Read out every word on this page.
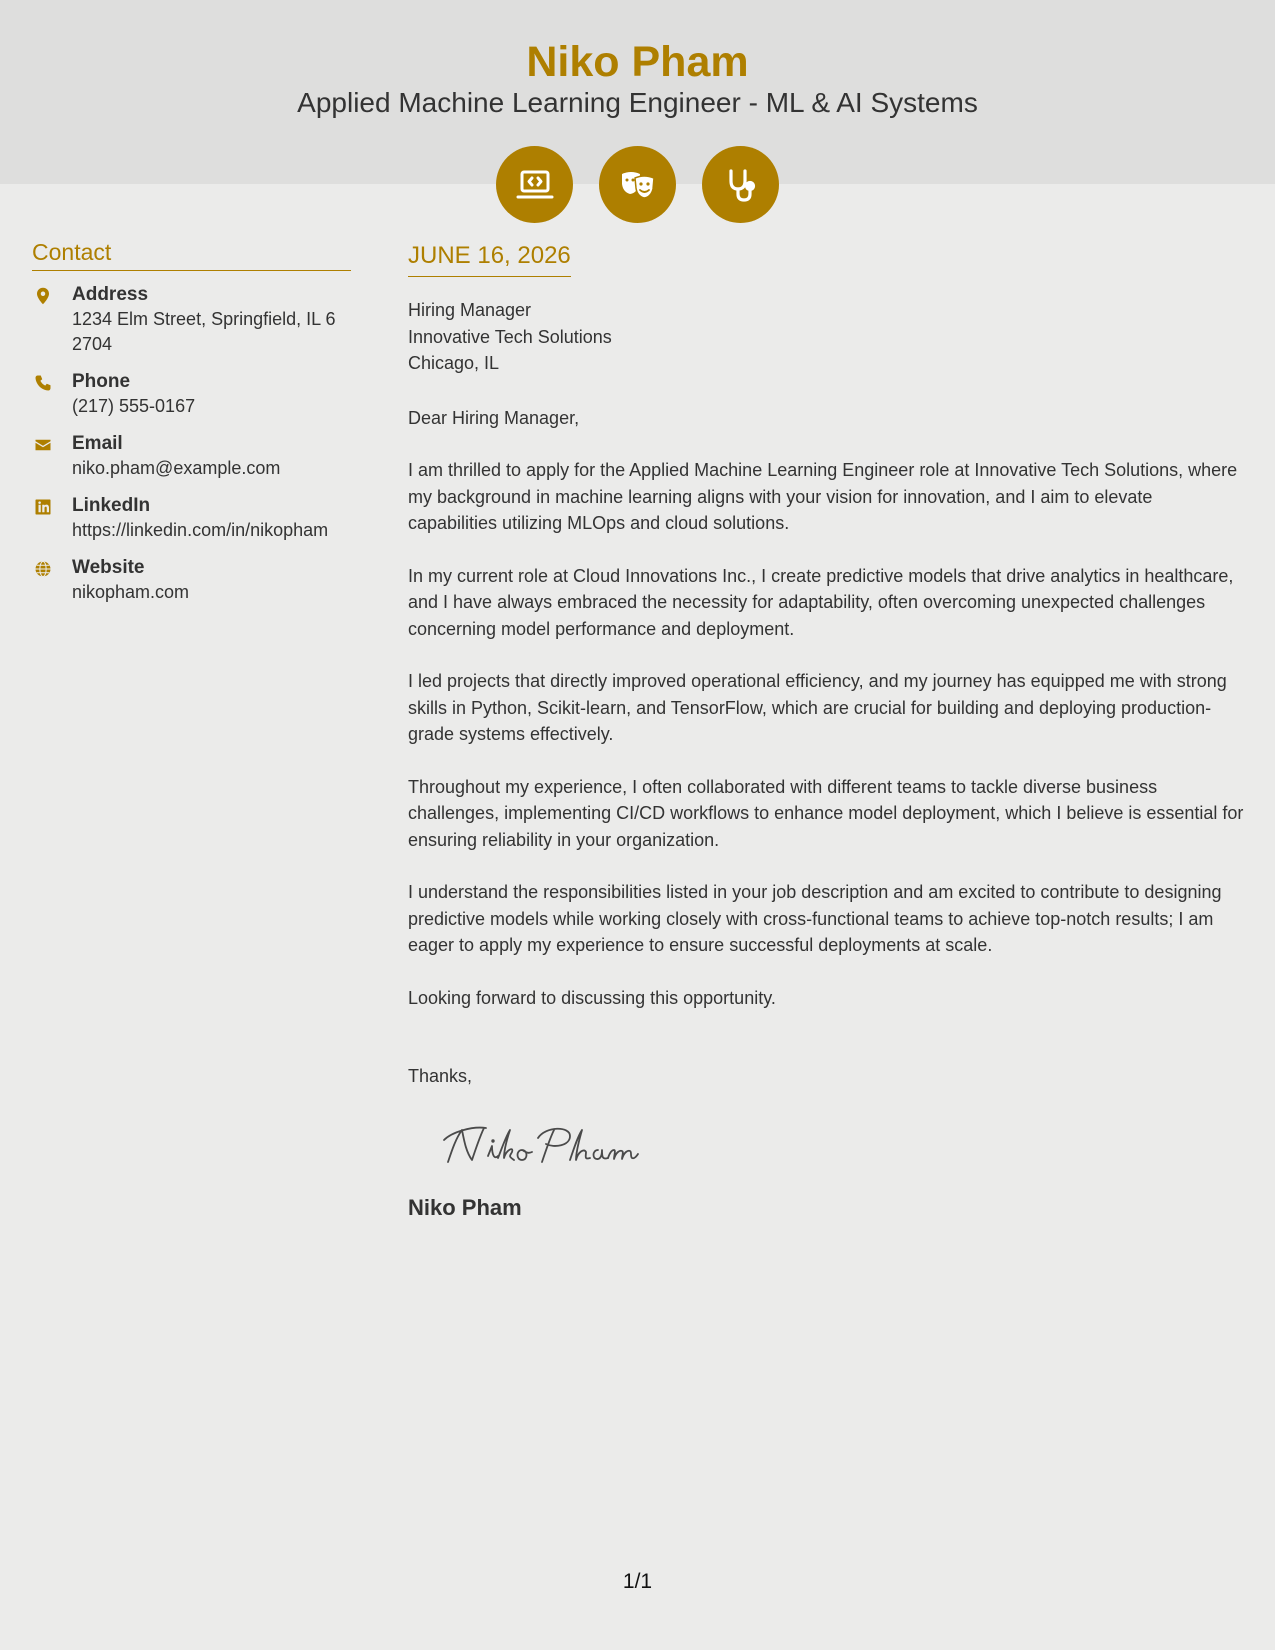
Niko Pham
Applied Machine Learning Engineer - ML & AI Systems
Contact
Address
1234 Elm Street, Springfield, IL 62704
Phone
(217) 555-0167
Email
niko.pham@example.com
LinkedIn
https://linkedin.com/in/nikopham
Website
nikopham.com
JUNE 16, 2026
Hiring Manager
Innovative Tech Solutions
Chicago, IL
Dear Hiring Manager,
I am thrilled to apply for the Applied Machine Learning Engineer role at Innovative Tech Solutions, where my background in machine learning aligns with your vision for innovation, and I aim to elevate capabilities utilizing MLOps and cloud solutions.
In my current role at Cloud Innovations Inc., I create predictive models that drive analytics in healthcare, and I have always embraced the necessity for adaptability, often overcoming unexpected challenges concerning model performance and deployment.
I led projects that directly improved operational efficiency, and my journey has equipped me with strong skills in Python, Scikit-learn, and TensorFlow, which are crucial for building and deploying production-grade systems effectively.
Throughout my experience, I often collaborated with different teams to tackle diverse business challenges, implementing CI/CD workflows to enhance model deployment, which I believe is essential for ensuring reliability in your organization.
I understand the responsibilities listed in your job description and am excited to contribute to designing predictive models while working closely with cross-functional teams to achieve top-notch results; I am eager to apply my experience to ensure successful deployments at scale.
Looking forward to discussing this opportunity.
Thanks,
Niko Pham
1/1
